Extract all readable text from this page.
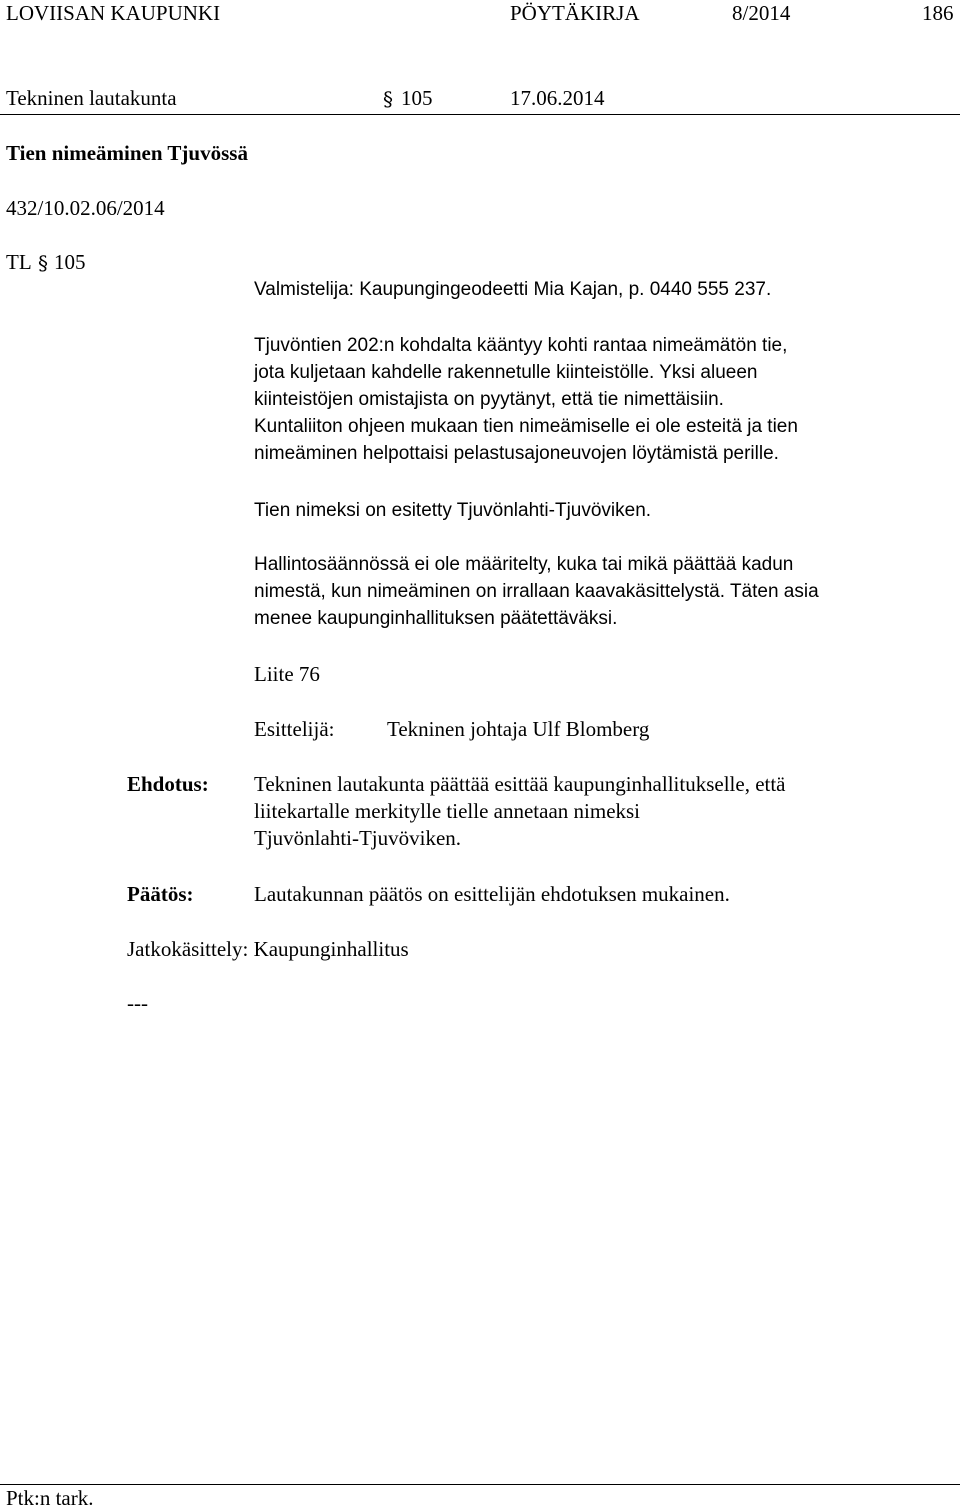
LOVIISAN KAUPUNKI	PÖYTÄKIRJA	8/2014	186
Tekninen lautakunta	§ 105	17.06.2014
Tien nimeäminen Tjuvössä
432/10.02.06/2014
TL § 105
Valmistelija: Kaupungingeodeetti Mia Kajan, p. 0440 555 237.
Tjuvöntien 202:n kohdalta kääntyy kohti rantaa nimeämätön tie,
jota kuljetaan kahdelle rakennetulle kiinteistölle. Yksi alueen
kiinteistöjen omistajista on pyytänyt, että tie nimettäisiin.
Kuntaliiton ohjeen mukaan tien nimeämiselle ei ole esteitä ja tien
nimeäminen helpottaisi pelastusajoneuvojen löytämistä perille.
Tien nimeksi on esitetty Tjuvönlahti-Tjuvöviken.
Hallintosäännössä ei ole määritelty, kuka tai mikä päättää kadun
nimestä, kun nimeäminen on irrallaan kaavakäsittelystä. Täten asia
menee kaupunginhallituksen päätettäväksi.
Liite 76
Esittelijä:	Tekninen johtaja Ulf Blomberg
Ehdotus: Tekninen lautakunta päättää esittää kaupunginhallitukselle, että
liitekartalle merkitylle tielle annetaan nimeksi
Tjuvönlahti-Tjuvöviken.
Päätös:	Lautakunnan päätös on esittelijän ehdotuksen mukainen.
Jatkokäsittely: Kaupunginhallitus
---
Ptk:n tark.
